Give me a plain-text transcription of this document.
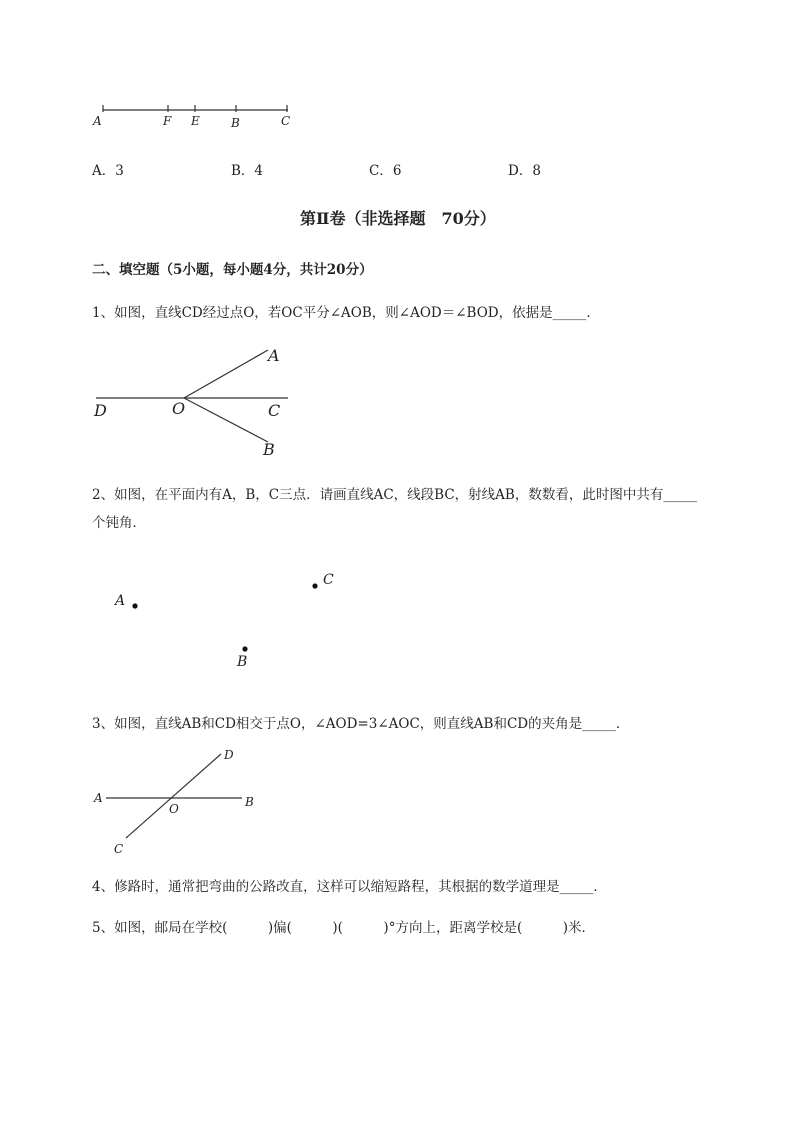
A	F E	B	C
A．3	B．4	C．6	D．8
第Ⅱ卷（非选择题　70分）
二、填空题（5小题，每小题4分，共计20分）
1、如图，直线CD经过点O，若OC平分∠AOB，则∠AOD＝∠BOD，依据是_____．
A
D	O	C
B
2、如图，在平面内有A，B，C三点．请画直线AC，线段BC，射线AB，数数看，此时图中共有_____
个钝角．
A
B
C
3、如图，直线AB和CD相交于点O，∠AOD=3∠AOC，则直线AB和CD的夹角是_____．
D
A
O	B
C
4、修路时，通常把弯曲的公路改直，这样可以缩短路程，其根据的数学道理是_____．
5、如图，邮局在学校(　　　)偏(　　　)(　　　)°方向上，距离学校是(　　　)米．
